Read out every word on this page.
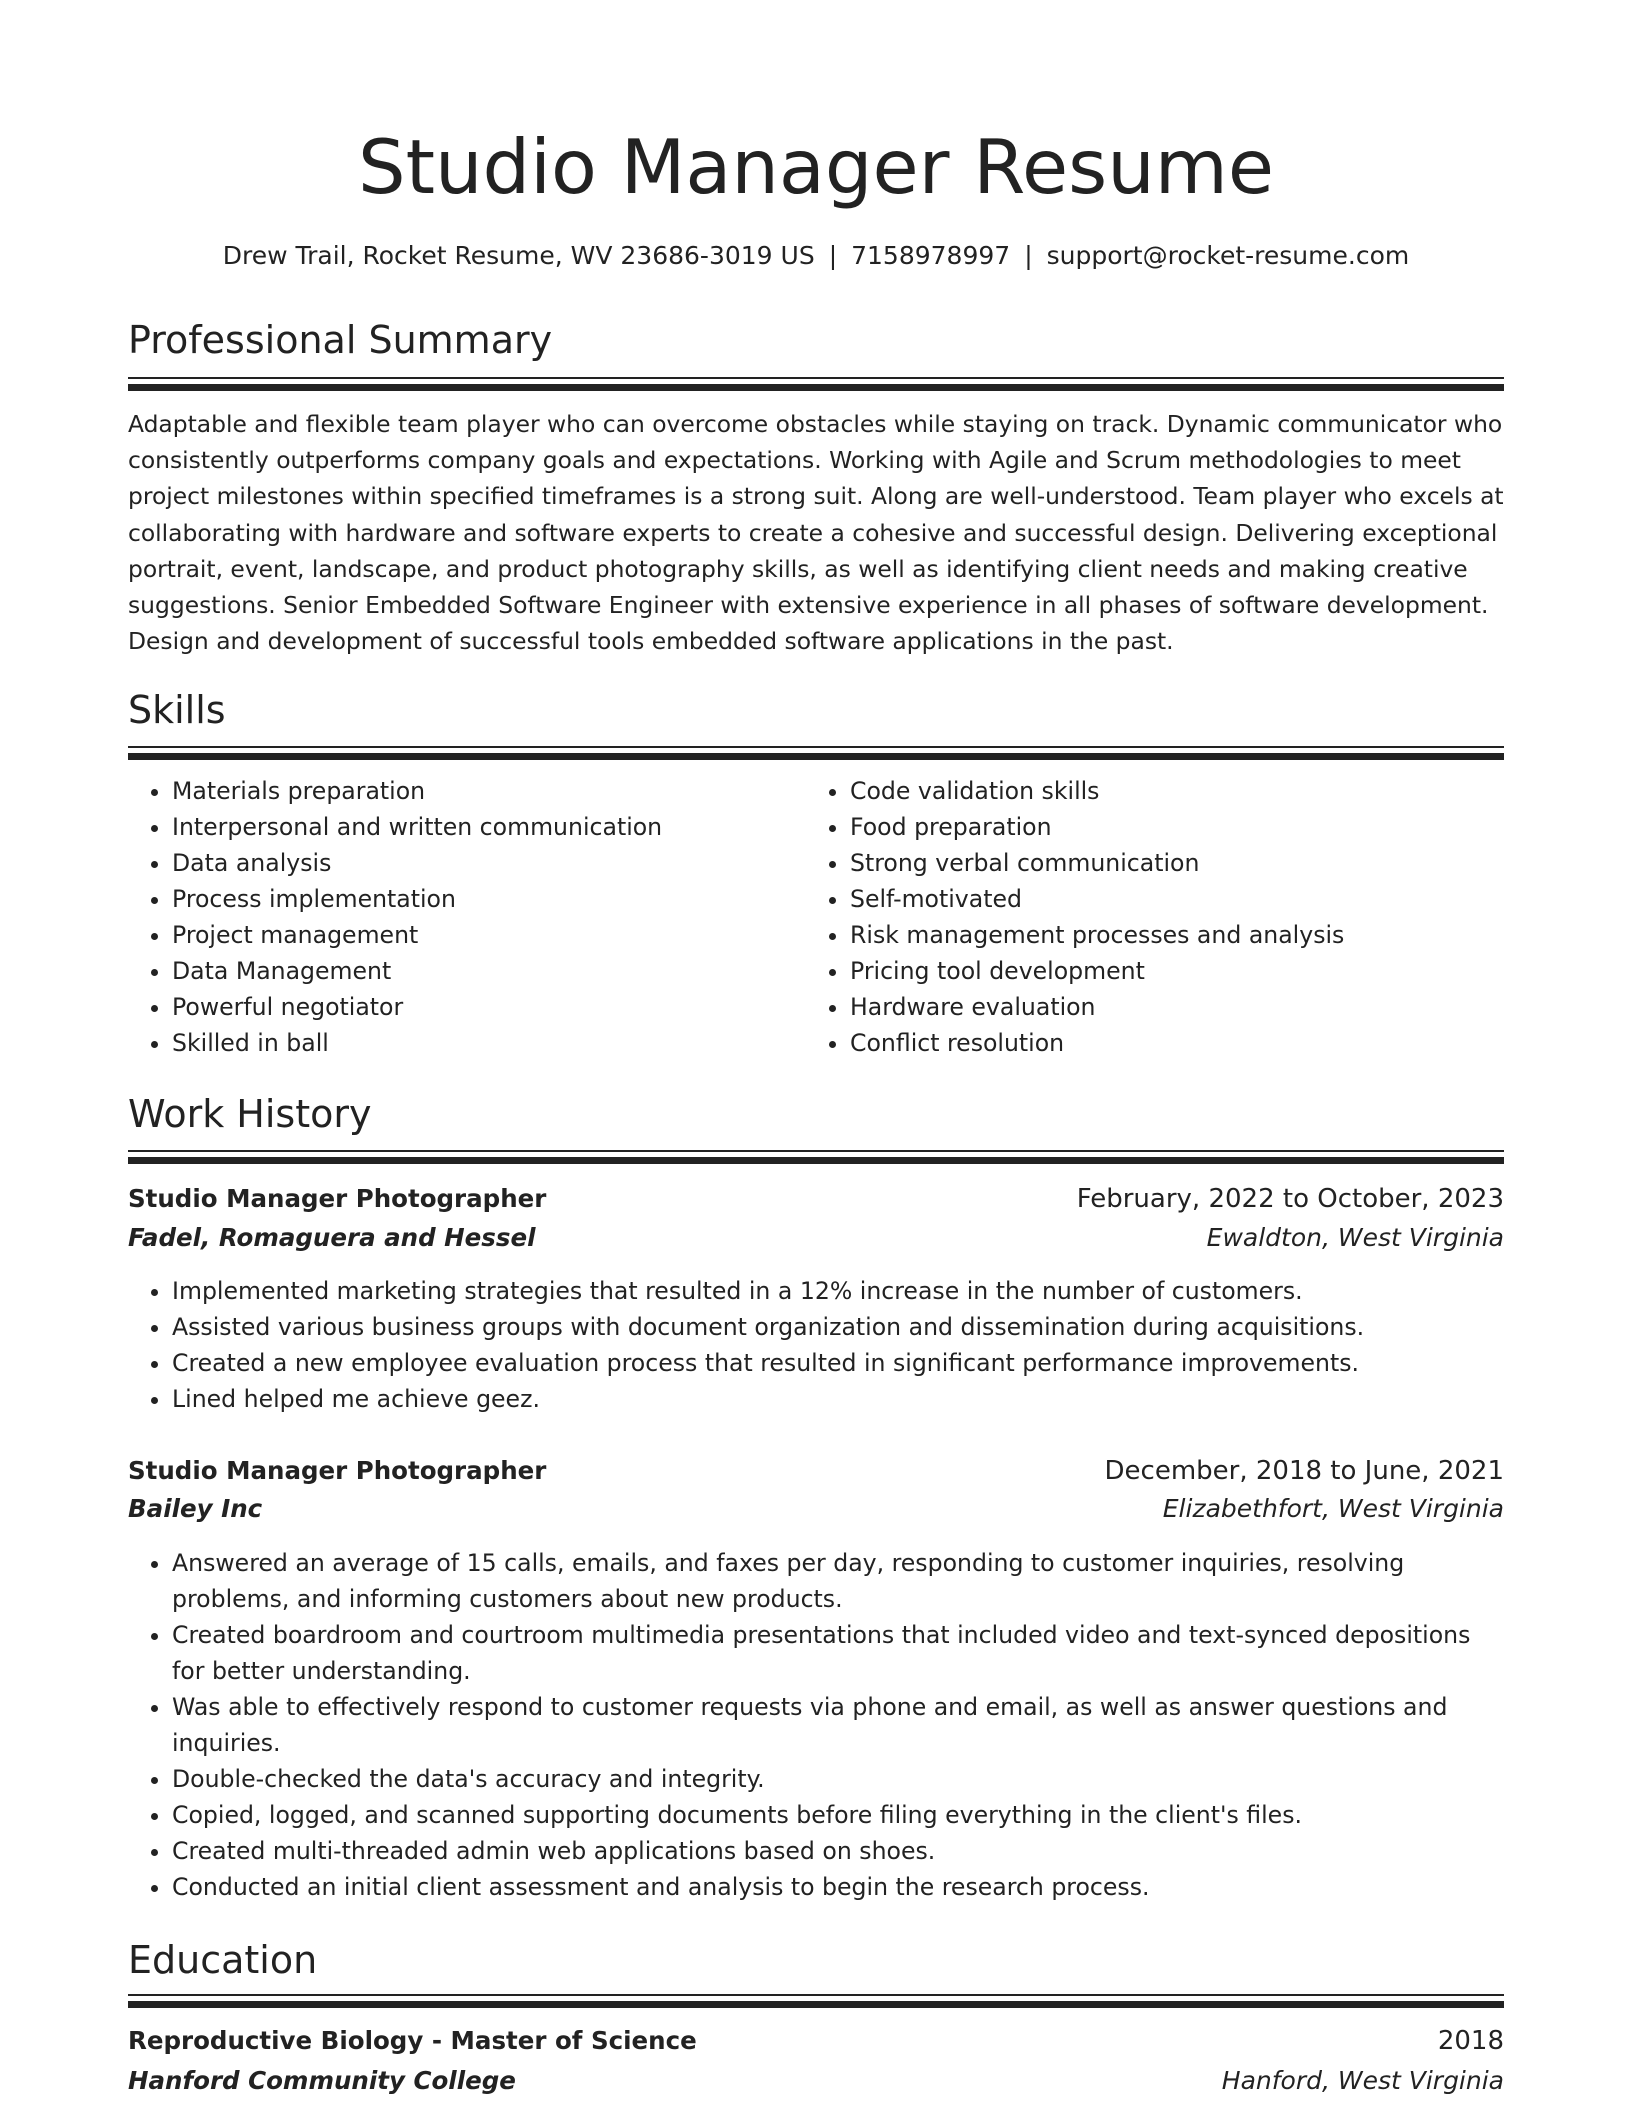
Studio Manager Resume
Drew Trail, Rocket Resume, WV 23686-3019 US | 7158978997 | support@rocket-resume.com
Professional Summary

Adaptable and flexible team player who can overcome obstacles while staying on track. Dynamic communicator who consistently outperforms company goals and expectations. Working with Agile and Scrum methodologies to meet project milestones within specified timeframes is a strong suit. Along are well-understood. Team player who excels at collaborating with hardware and software experts to create a cohesive and successful design. Delivering exceptional portrait, event, landscape, and product photography skills, as well as identifying client needs and making creative suggestions. Senior Embedded Software Engineer with extensive experience in all phases of software development. Design and development of successful tools embedded software applications in the past.

Skills
• Materials preparation
• Interpersonal and written communication
• Data analysis
• Process implementation
• Project management
• Data Management
• Powerful negotiator
• Skilled in ball
• Code validation skills
• Food preparation
• Strong verbal communication
• Self-motivated
• Risk management processes and analysis
• Pricing tool development
• Hardware evaluation
• Conflict resolution
Work History
Studio Manager Photographer	February, 2022 to October, 2023
Fadel, Romaguera and Hessel	Ewaldton, West Virginia
• Implemented marketing strategies that resulted in a 12% increase in the number of customers.
• Assisted various business groups with document organization and dissemination during acquisitions.
• Created a new employee evaluation process that resulted in significant performance improvements.
• Lined helped me achieve geez.
Studio Manager Photographer	December, 2018 to June, 2021
Bailey Inc	Elizabethfort, West Virginia
• Answered an average of 15 calls, emails, and faxes per day, responding to customer inquiries, resolving problems, and informing customers about new products.
• Created boardroom and courtroom multimedia presentations that included video and text-synced depositions for better understanding.
• Was able to effectively respond to customer requests via phone and email, as well as answer questions and inquiries.
• Double-checked the data's accuracy and integrity.
• Copied, logged, and scanned supporting documents before filing everything in the client's files.
• Created multi-threaded admin web applications based on shoes.
• Conducted an initial client assessment and analysis to begin the research process.
Education
Reproductive Biology - Master of Science	2018
Hanford Community College	Hanford, West Virginia
